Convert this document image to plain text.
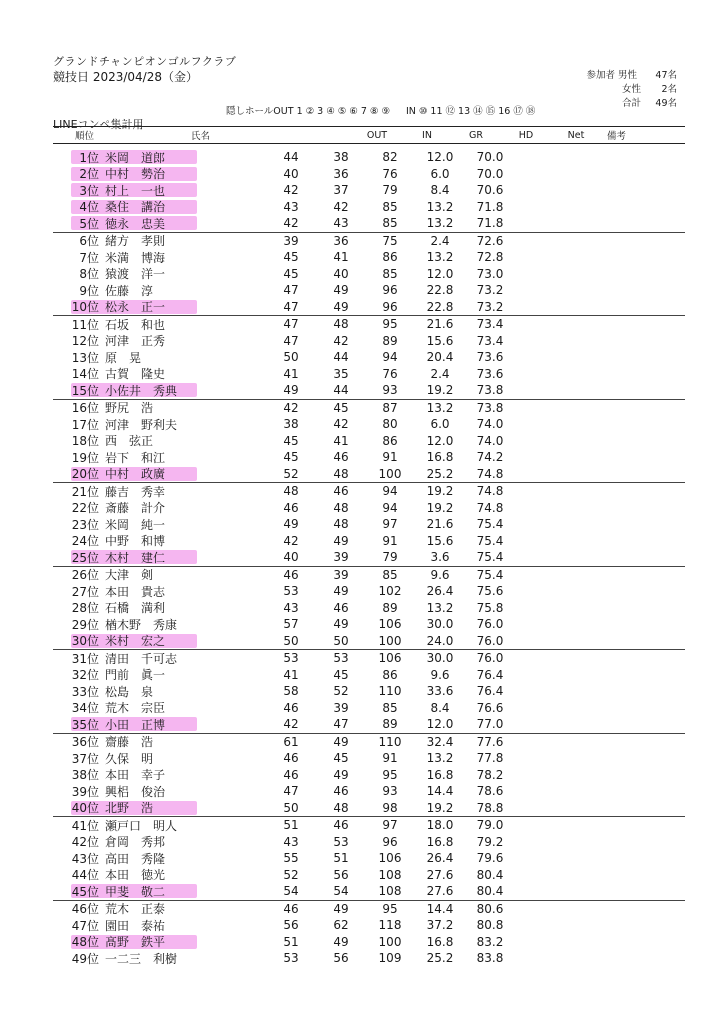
グランドチャンピオンゴルフクラブ
競技日 2023/04/28（金）	参加者 男性	47名
女性	2名
合計	49名
隠しホールOUT 1 ② 3 ④ ⑤ ⑥ 7 ⑧ ⑨ IN ⑩ 11 ⑫ 13 ⑭ ⑮ 16 ⑰ ⑱
LINEコンペ集計用
順位	氏名	OUT	IN	GR	HD	Net	備考
1位 米岡　道郎	44	38	82	12.0	70.0
2位 中村　勢治	40	36	76	6.0	70.0
3位 村上　一也	42	37	79	8.4	70.6
4位 桑住　講治	43	42	85	13.2	71.8
5位 徳永　忠美	42	43	85	13.2	71.8
6位 緒方　孝則	39	36	75	2.4	72.6
7位 米満　博海	45	41	86	13.2	72.8
8位 猿渡　洋一	45	40	85	12.0	73.0
9位 佐藤　淳	47	49	96	22.8	73.2
10位 松永　正一	47	49	96	22.8	73.2
11位 石坂　和也	47	48	95	21.6	73.4
12位 河津　正秀	47	42	89	15.6	73.4
13位 原　晃	50	44	94	20.4	73.6
14位 古賀　隆史	41	35	76	2.4	73.6
15位 小佐井　秀典	49	44	93	19.2	73.8
16位 野尻　浩	42	45	87	13.2	73.8
17位 河津　野利夫	38	42	80	6.0	74.0
18位 西　弦正	45	41	86	12.0	74.0
19位 岩下　和江	45	46	91	16.8	74.2
20位 中村　政廣	52	48	100	25.2	74.8
21位 藤吉　秀幸	48	46	94	19.2	74.8
22位 斎藤　計介	46	48	94	19.2	74.8
23位 米岡　純一	49	48	97	21.6	75.4
24位 中野　和博	42	49	91	15.6	75.4
25位 木村　建仁	40	39	79	3.6	75.4
26位 大津　剣	46	39	85	9.6	75.4
27位 本田　貴志	53	49	102	26.4	75.6
28位 石橋　満利	43	46	89	13.2	75.8
29位 楢木野　秀康	57	49	106	30.0	76.0
30位 米村　宏之	50	50	100	24.0	76.0
31位 清田　千可志	53	53	106	30.0	76.0
32位 門前　眞一	41	45	86	9.6	76.4
33位 松島　泉	58	52	110	33.6	76.4
34位 荒木　宗臣	46	39	85	8.4	76.6
35位 小田　正博	42	47	89	12.0	77.0
36位 齋藤　浩	61	49	110	32.4	77.6
37位 久保　明	46	45	91	13.2	77.8
38位 本田　幸子	46	49	95	16.8	78.2
39位 興梠　俊治	47	46	93	14.4	78.6
40位 北野　浩	50	48	98	19.2	78.8
41位 瀬戸口　明人	51	46	97	18.0	79.0
42位 倉岡　秀邦	43	53	96	16.8	79.2
43位 高田　秀隆	55	51	106	26.4	79.6
44位 本田　徳光	52	56	108	27.6	80.4
45位 甲斐　敬二	54	54	108	27.6	80.4
46位 荒木　正泰	46	49	95	14.4	80.6
47位 園田　泰祐	56	62	118	37.2	80.8
48位 髙野　鉄平	51	49	100	16.8	83.2
49位 一二三　利樹	53	56	109	25.2	83.8
